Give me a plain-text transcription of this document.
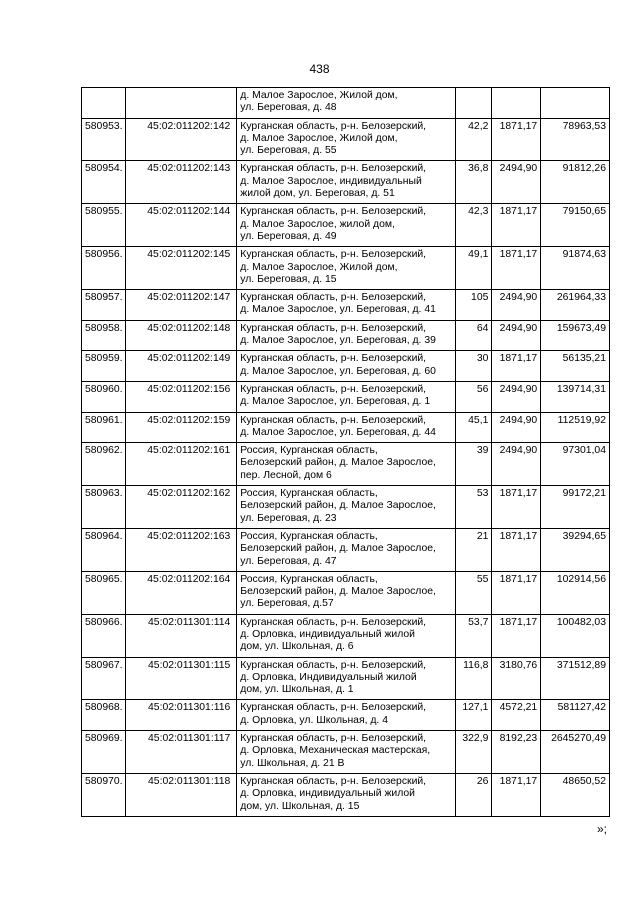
438

		д. Малое Зарослое, Жилой дом,
ул. Береговая, д. 48			

580953.	45:02:011202:142	Курганская область, р-н. Белозерский,
д. Малое Зарослое, Жилой дом,
ул. Береговая, д. 55	42,2	1871,17	78963,53
580954.	45:02:011202:143	Курганская область, р-н. Белозерский,
д. Малое Зарослое, индивидуальный
жилой дом, ул. Береговая, д. 51	36,8	2494,90	91812,26
580955.	45:02:011202:144	Курганская область, р-н. Белозерский,
д. Малое Зарослое, жилой дом,
ул. Береговая, д. 49	42,3	1871,17	79150,65
580956.	45:02:011202:145	Курганская область, р-н. Белозерский,
д. Малое Зарослое, Жилой дом,
ул. Береговая, д. 15	49,1	1871,17	91874,63
580957.	45:02:011202:147	Курганская область, р-н. Белозерский,
д. Малое Зарослое, ул. Береговая, д. 41	105	2494,90	261964,33
580958.	45:02:011202:148	Курганская область, р-н. Белозерский,
д. Малое Зарослое, ул. Береговая, д. 39	64	2494,90	159673,49
580959.	45:02:011202:149	Курганская область, р-н. Белозерский,
д. Малое Зарослое, ул. Береговая, д. 60	30	1871,17	56135,21
580960.	45:02:011202:156	Курганская область, р-н. Белозерский,
д. Малое Зарослое, ул. Береговая, д. 1	56	2494,90	139714,31
580961.	45:02:011202:159	Курганская область, р-н. Белозерский,
д. Малое Зарослое, ул. Береговая, д. 44	45,1	2494,90	112519,92
580962.	45:02:011202:161	Россия, Курганская область,
Белозерский район, д. Малое Зарослое,
пер. Лесной, дом 6	39	2494,90	97301,04
580963.	45:02:011202:162	Россия, Курганская область,
Белозерский район, д. Малое Зарослое,
ул. Береговая, д. 23	53	1871,17	99172,21
580964.	45:02:011202:163	Россия, Курганская область,
Белозерский район, д. Малое Зарослое,
ул. Береговая, д. 47	21	1871,17	39294,65
580965.	45:02:011202:164	Россия, Курганская область,
Белозерский район, д. Малое Зарослое,
ул. Береговая, д.57	55	1871,17	102914,56
580966.	45:02:011301:114	Курганская область, р-н. Белозерский,
д. Орловка, индивидуальный жилой
дом, ул. Школьная, д. 6	53,7	1871,17	100482,03
580967.	45:02:011301:115	Курганская область, р-н. Белозерский,
д. Орловка, Индивидуальный жилой
дом, ул. Школьная, д. 1	116,8	3180,76	371512,89
580968.	45:02:011301:116	Курганская область, р-н. Белозерский,
д. Орловка, ул. Школьная, д. 4	127,1	4572,21	581127,42
580969.	45:02:011301:117	Курганская область, р-н. Белозерский,
д. Орловка, Механическая мастерская,
ул. Школьная, д. 21 В	322,9	8192,23	2645270,49
580970.	45:02:011301:118	Курганская область, р-н. Белозерский,
д. Орловка, индивидуальный жилой
дом, ул. Школьная, д. 15	26	1871,17	48650,52
»;
